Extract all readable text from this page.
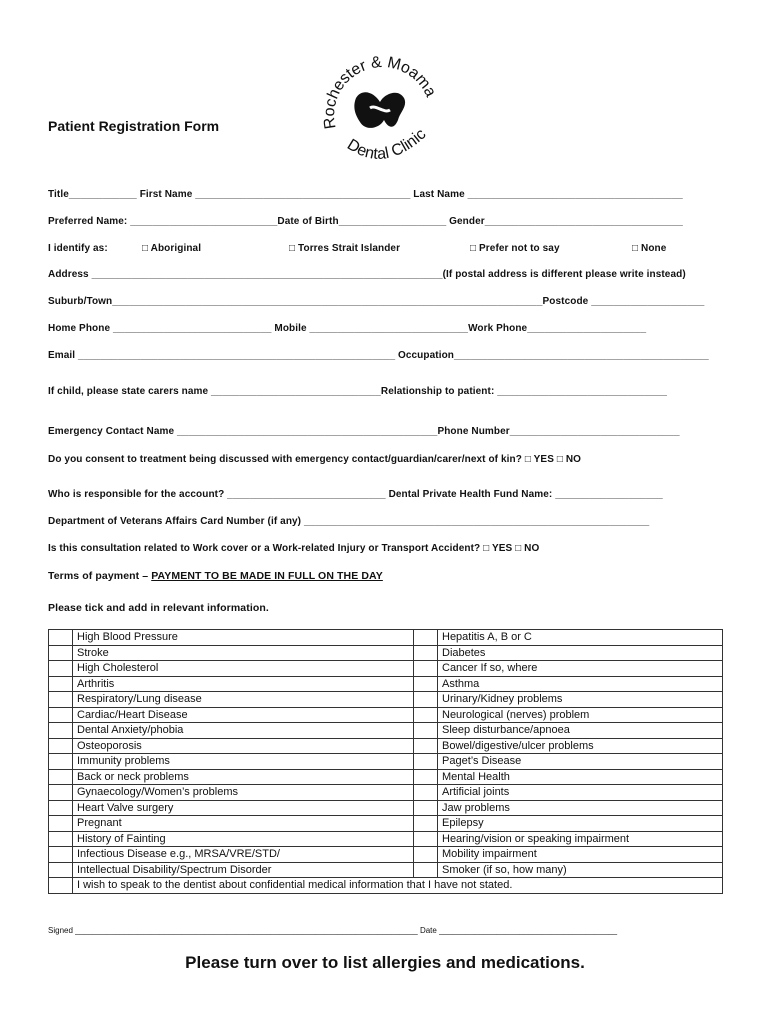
Rochester & Moama
Dental Clinic
Patient Registration Form
Title____________ First Name ______________________________________ Last Name ______________________________________
Preferred Name: __________________________Date of Birth___________________ Gender___________________________________
I identify as:	□ Aboriginal	□ Torres Strait Islander	□ Prefer not to say	□ None
Address ______________________________________________________________(If postal address is different please write instead)
Suburb/Town____________________________________________________________________________Postcode ____________________
Home Phone ____________________________ Mobile ____________________________Work Phone_____________________
Email ________________________________________________________ Occupation_____________________________________________
If child, please state carers name ______________________________Relationship to patient: ______________________________
Emergency Contact Name ______________________________________________Phone Number______________________________
Do you consent to treatment being discussed with emergency contact/guardian/carer/next of kin? □ YES □ NO
Who is responsible for the account? ____________________________ Dental Private Health Fund Name: ___________________
Department of Veterans Affairs Card Number (if any) _____________________________________________________________
Is this consultation related to Work cover or a Work-related Injury or Transport Accident? □ YES □ NO
Terms of payment – PAYMENT TO BE MADE IN FULL ON THE DAY
Please tick and add in relevant information.
	High Blood Pressure		Hepatitis A, B or C
	Stroke		Diabetes
	High Cholesterol		Cancer If so, where
	Arthritis		Asthma
	Respiratory/Lung disease		Urinary/Kidney problems
	Cardiac/Heart Disease		Neurological (nerves) problem
	Dental Anxiety/phobia		Sleep disturbance/apnoea
	Osteoporosis		Bowel/digestive/ulcer problems
	Immunity problems		Paget’s Disease
	Back or neck problems		Mental Health
	Gynaecology/Women’s problems		Artificial joints
	Heart Valve surgery		Jaw problems
	Pregnant		Epilepsy
	History of Fainting		Hearing/vision or speaking impairment
	Infectious Disease e.g., MRSA/VRE/STD/		Mobility impairment
	Intellectual Disability/Spectrum Disorder		Smoker (if so, how many)
	I wish to speak to the dentist about confidential medical information that I have not stated.		
Signed _____________________________________________________________________________ Date ________________________________________
Please turn over to list allergies and medications.
